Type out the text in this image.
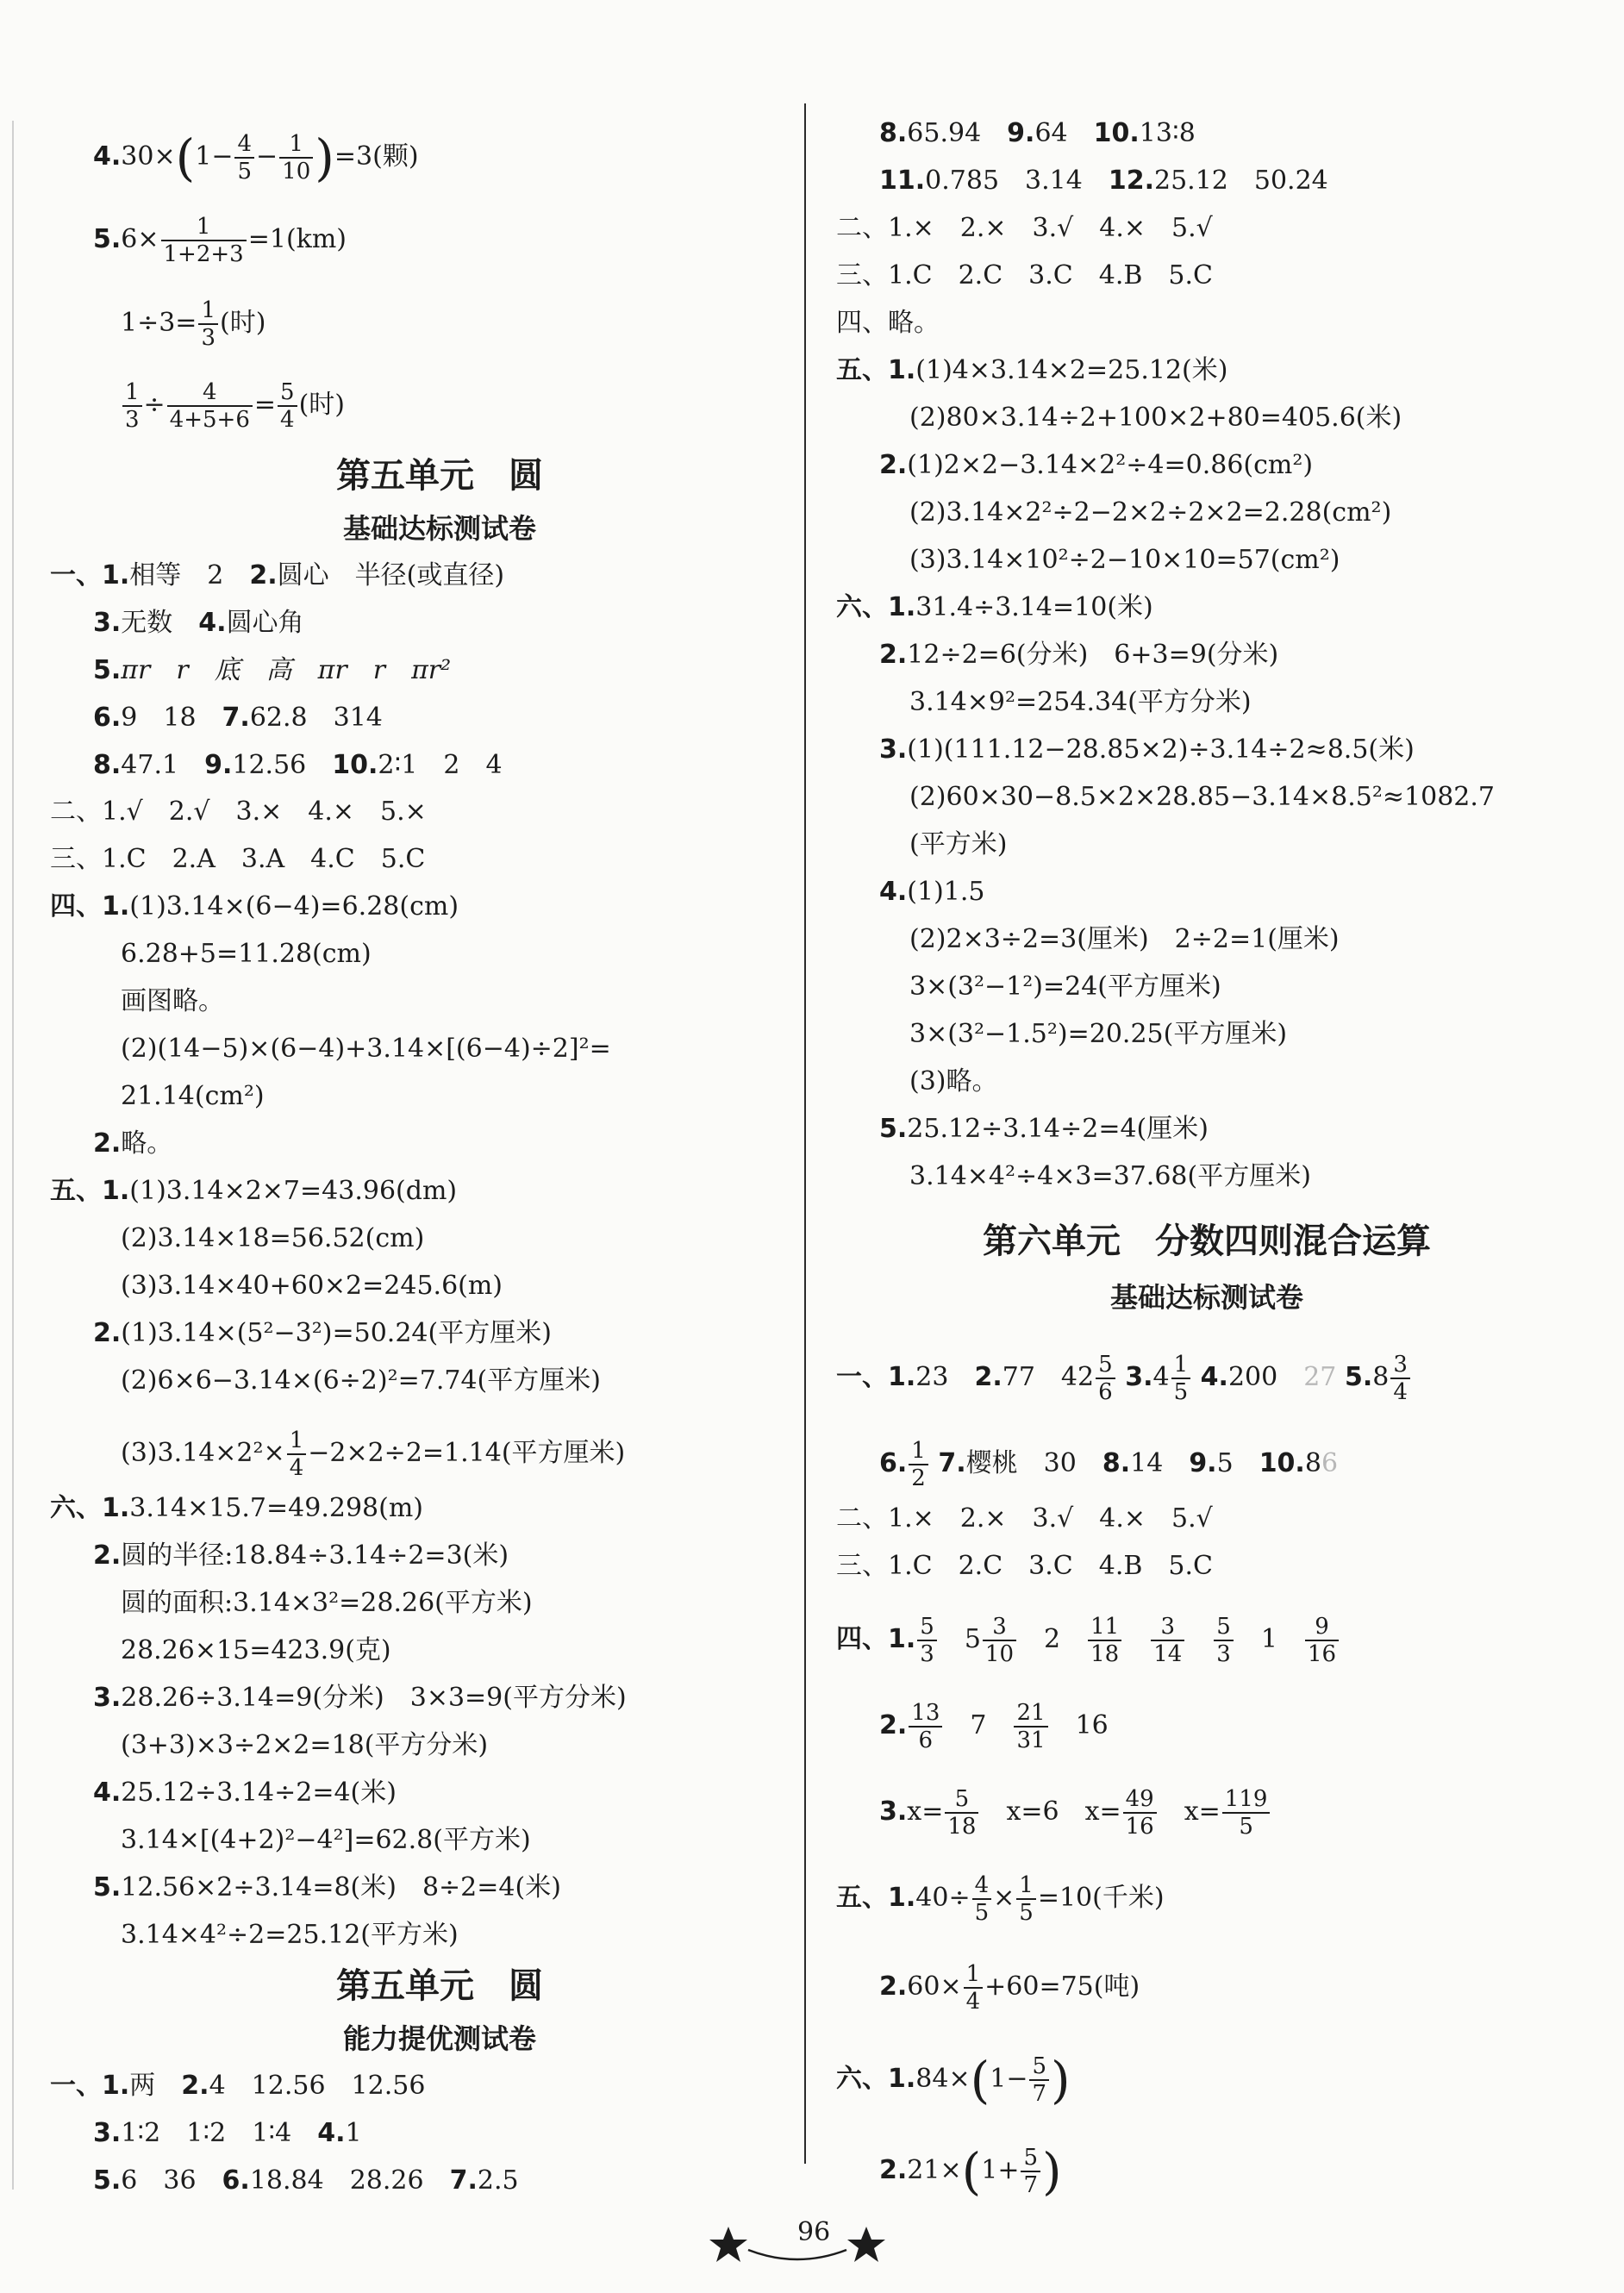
$4.30\times(1- \frac{4}{5} - \frac{1}{10} )=3$(颗)
$5.6\times \frac{1}{1+2+3} =1(km)$
$1\div 3= \frac{1}{3}$ (时)
$\frac{1}{3} \div \frac{4}{4+5+6} = \frac{5}{4}$ (时)
第五单元　圆
基础达标测试卷
一、1.相等　2　2.圆心　半径(或直径)
3.无数　4.圆心角
5.πr　r　底　高　πr　r　πr²
6.9　18　7.62.8　314
8.47.1　9.12.56　10.2∶1　2　4
二、1.√　2.√　3.×　4.×　5.×
三、1.C　2.A　3.A　4.C　5.C
四、1.(1)3.14×(6−4)=6.28(cm)
6.28+5=11.28(cm)
画图略。
(2)(14−5)×(6−4)+3.14×[(6−4)÷2]²=
21.14(cm²)
2.略。
五、1.(1)3.14×2×7=43.96(dm)
(2)3.14×18=56.52(cm)
(3)3.14×40+60×2=245.6(m)
2.(1)3.14×(5²−3²)=50.24(平方厘米)
(2)6×6−3.14×(6÷2)²=7.74(平方厘米)
$(3)3.14\times 2^2\times \frac{1}{4} -2\times 2\div 2=1.14$(平方厘米)
六、1.3.14×15.7=49.298(m)
2.圆的半径:18.84÷3.14÷2=3(米)
圆的面积:3.14×3²=28.26(平方米)
28.26×15=423.9(克)
3.28.26÷3.14=9(分米)　3×3=9(平方分米)
(3+3)×3÷2×2=18(平方分米)
4.25.12÷3.14÷2=4(米)
3.14×[(4+2)²−4²]=62.8(平方米)
5.12.56×2÷3.14=8(米)　8÷2=4(米)
3.14×4²÷2=25.12(平方米)
第五单元　圆
能力提优测试卷
一、1.两　2.4　12.56　12.56
3.1∶2　1∶2　1∶4　4.1
5.6　36　6.18.84　28.26　7.2.5
8.65.94　9.64　10.13∶8
11.0.785　3.14　12.25.12　50.24
二、1.×　2.×　3.√　4.×　5.√
三、1.C　2.C　3.C　4.B　5.C
四、略。
五、1.(1)4×3.14×2=25.12(米)
(2)80×3.14÷2+100×2+80=405.6(米)
2.(1)2×2−3.14×2²÷4=0.86(cm²)
(2)3.14×2²÷2−2×2÷2×2=2.28(cm²)
(3)3.14×10²÷2−10×10=57(cm²)
六、1.31.4÷3.14=10(米)
2.12÷2=6(分米)　6+3=9(分米)
3.14×9²=254.34(平方分米)
3.(1)(111.12−28.85×2)÷3.14÷2≈8.5(米)
(2)60×30−8.5×2×28.85−3.14×8.5²≈1082.7
(平方米)
4.(1)1.5
(2)2×3÷2=3(厘米)　2÷2=1(厘米)
3×(3²−1²)=24(平方厘米)
3×(3²−1.5²)=20.25(平方厘米)
(3)略。
5.25.12÷3.14÷2=4(厘米)
3.14×4²÷4×3=37.68(平方厘米)
第六单元　分数四则混合运算
基础达标测试卷
一、1.23　2.77　$42 \frac{5}{6} 3.4 \frac{1}{5} 4.200$　27 $5.8 \frac{3}{4}$
6. $\frac{1}{2} 7$.樱桃　30　8.14　9.5　10.86
二、1.×　2.×　3.√　4.×　5.√
三、1.C　2.C　3.C　4.B　5.C
四、1. $\frac{5}{3}$ 　$5 \frac{3}{10}$ 　2　 $\frac{11}{18}$
　 $\frac{3}{14}$
　 $\frac{5}{3}$ 　1　 $\frac{9}{16}$
2. $\frac{13}{6}$
　 7　 $\frac{21}{31}$
　 16
$3.x= \frac{5}{18}$
　 x=6　$x= \frac{49}{16}$
　 $x= \frac{119}{5}$
五、$1.40\div \frac{4}{5} \times \frac{1}{5} =10$(千米)
$2.60\times \frac{1}{4} +60=75$(吨)
六、$1.84\times(1- \frac{5}{7}$ )
$2.21\times(1+ \frac{5}{7}$ )
96
